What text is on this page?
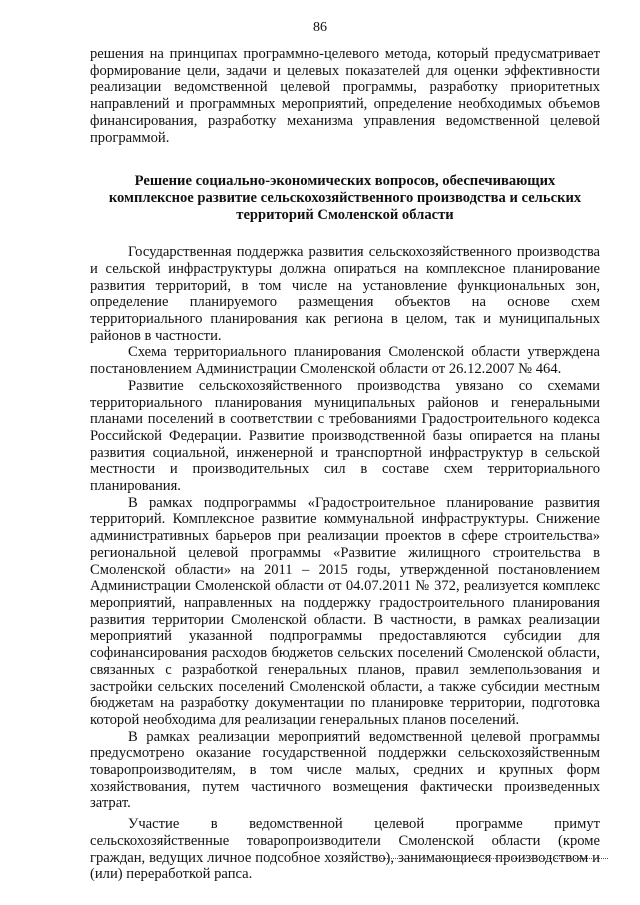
86

решения на принципах программно-целевого метода, который предусматривает формирование цели, задачи и целевых показателей для оценки эффективности реализации ведомственной целевой программы, разработку приоритетных направлений и программных мероприятий, определение необходимых объемов финансирования, разработку механизма управления ведомственной целевой программой.

Решение социально-экономических вопросов, обеспечивающих комплексное развитие сельскохозяйственного производства и сельских территорий Смоленской области

Государственная поддержка развития сельскохозяйственного производства и сельской инфраструктуры должна опираться на комплексное планирование развития территорий, в том числе на установление функциональных зон, определение планируемого размещения объектов на основе схем территориального планирования как региона в целом, так и муниципальных районов в частности.

Схема территориального планирования Смоленской области утверждена постановлением Администрации Смоленской области от 26.12.2007 № 464.

Развитие сельскохозяйственного производства увязано со схемами территориального планирования муниципальных районов и генеральными планами поселений в соответствии с требованиями Градостроительного кодекса Российской Федерации. Развитие производственной базы опирается на планы развития социальной, инженерной и транспортной инфраструктур в сельской местности и производительных сил в составе схем территориального планирования.

В рамках подпрограммы «Градостроительное планирование развития территорий. Комплексное развитие коммунальной инфраструктуры. Снижение административных барьеров при реализации проектов в сфере строительства» региональной целевой программы «Развитие жилищного строительства в Смоленской области» на 2011 – 2015 годы, утвержденной постановлением Администрации Смоленской области от 04.07.2011 № 372, реализуется комплекс мероприятий, направленных на поддержку градостроительного планирования развития территории Смоленской области. В частности, в рамках реализации мероприятий указанной подпрограммы предоставляются субсидии для софинансирования расходов бюджетов сельских поселений Смоленской области, связанных с разработкой генеральных планов, правил землепользования и застройки сельских поселений Смоленской области, а также субсидии местным бюджетам на разработку документации по планировке территории, подготовка которой необходима для реализации генеральных планов поселений.

В рамках реализации мероприятий ведомственной целевой программы предусмотрено оказание государственной поддержки сельскохозяйственным товаропроизводителям, в том числе малых, средних и крупных форм хозяйствования, путем частичного возмещения фактически произведенных затрат.

Участие в ведомственной целевой программе примут сельскохозяйственные товаропроизводители Смоленской области (кроме граждан, ведущих личное подсобное хозяйство), занимающиеся производством и (или) переработкой рапса.
